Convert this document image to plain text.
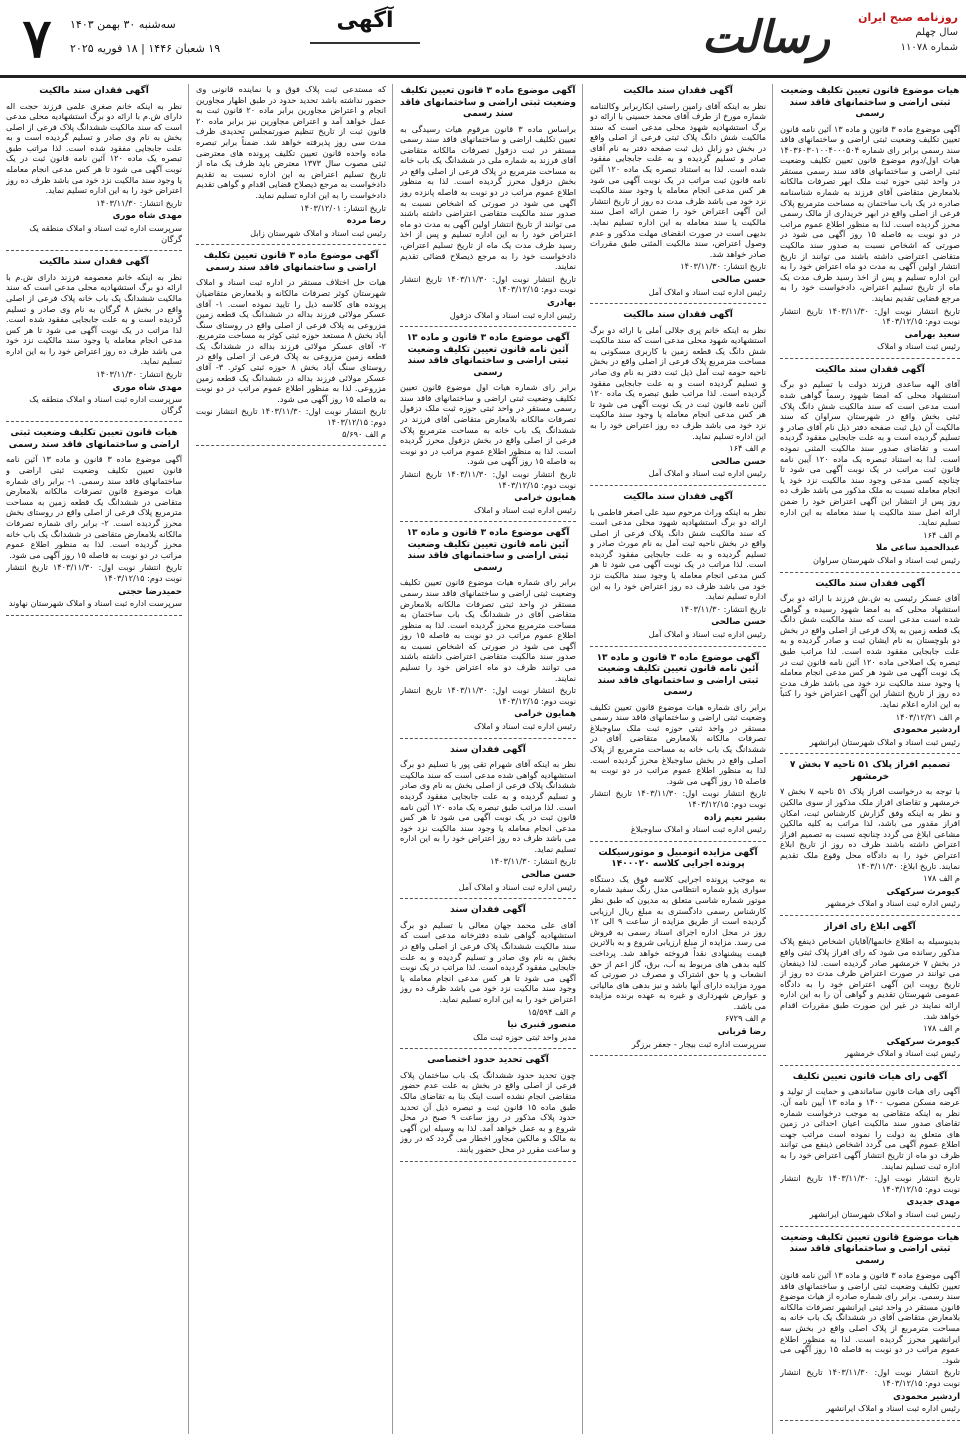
۷	سه‌شنبه ۳۰ بهمن ۱۴۰۳
۱۹ شعبان ۱۴۴۶ | ۱۸ فوریه ۲۰۲۵
آگهی	رسالت	روزنامه صبح ایران
سال چهلم
شماره ۱۱۰۷۸
هیات موضوع قانون تعیین تکلیف وضعیت ثبتی اراضی و ساختمانهای فاقد سند رسمی
آگهی موضوع ماده ۳ قانون و ماده ۱۳ آئین نامه قانون تعیین تکلیف وضعیت ثبتی اراضی و ساختمانهای فاقد سند رسمی برابر رای شماره ۱۴۰۳۶۰۳۰۱۰۰۴۰۰۰۵۰۴ هیات اول/دوم موضوع قانون تعیین تکلیف وضعیت ثبتی اراضی و ساختمانهای فاقد سند رسمی مستقر در واحد ثبتی حوزه ثبت ملک ابهر تصرفات مالکانه بلامعارض متقاضی آقای فرزند به شماره شناسنامه صادره در یک باب ساختمان به مساحت مترمربع پلاک فرعی از اصلی واقع در ابهر خریداری از مالک رسمی محرز گردیده است. لذا به منظور اطلاع عموم مراتب در دو نوبت به فاصله ۱۵ روز آگهی می شود در صورتی که اشخاص نسبت به صدور سند مالکیت متقاضی اعتراضی داشته باشند می توانند از تاریخ انتشار اولین آگهی به مدت دو ماه اعتراض خود را به این اداره تسلیم و پس از اخذ رسید ظرف مدت یک ماه از تاریخ تسلیم اعتراض، دادخواست خود را به مرجع قضایی تقدیم نمایند.
تاریخ انتشار نوبت اول: ۱۴۰۳/۱۱/۳۰ تاریخ انتشار نوبت دوم: ۱۴۰۳/۱۲/۱۵
سعید بهرامی
رئیس ثبت اسناد و املاک
آگهی فقدان سند مالکیت
آقای الهه ساعدی فرزند دولت با تسلیم دو برگ استشهاد محلی که امضا شهود رسماً گواهی شده است مدعی است که سند مالکیت شش دانگ پلاک ثبتی بخش واقع در شهرستان سراوان که سند مالکیت آن ذیل ثبت صفحه دفتر ذیل نام آقای صادر و تسلیم گردیده است و به علت جابجایی مفقود گردیده است و تقاضای صدور سند مالکیت المثنی نموده است. لذا به استناد تبصره یک ماده ۱۲۰ آیین نامه قانون ثبت مراتب در یک نوبت آگهی می شود تا چنانچه کسی مدعی وجود سند مالکیت نزد خود یا انجام معامله نسبت به ملک مذکور می باشد ظرف ده روز پس از انتشار این آگهی اعتراض خود را ضمن ارائه اصل سند مالکیت یا سند معامله به این اداره تسلیم نماید.
م الف ۱۶۴
عبدالحمید ساعی ملا
رئیس ثبت اسناد و املاک شهرستان سراوان
آگهی فقدان سند مالکیت
آقای عسکر رئیسی به ش.ش فرزند با ارائه دو برگ استشهاد محلی که به امضا شهود رسیده و گواهی شده است مدعی است که سند مالکیت شش دانگ یک قطعه زمین به پلاک فرعی از اصلی واقع در بخش دو بلوچستان به نام ایشان ثبت و صادر گردیده و به علت جابجایی مفقود شده است. لذا مراتب طبق تبصره یک اصلاحی ماده ۱۲۰ آئین نامه قانون ثبت در یک نوبت آگهی می شود هر کس مدعی انجام معامله یا وجود سند مالکیت نزد خود می باشد ظرف مدت ده روز از تاریخ انتشار این آگهی اعتراض خود را کتباً به این اداره اعلام نماید.
م الف ۱۴۰۳/۱۲/۲۱
اردشیر محمودی
رئیس ثبت اسناد و املاک شهرستان ایرانشهر
تصمیم افراز پلاک ۵۱ ناحیه ۷ بخش ۷ خرمشهر
با توجه به درخواست افراز پلاک ۵۱ ناحیه ۷ بخش ۷ خرمشهر و تقاضای افراز ملک مذکور از سوی مالکین و نظر به اینکه وفق گزارش کارشناس ثبت، امکان افراز مقدور می باشد، لذا مراتب به کلیه مالکین مشاعی ابلاغ می گردد چنانچه نسبت به تصمیم افراز اعتراض داشته باشند ظرف ده روز از تاریخ ابلاغ اعتراض خود را به دادگاه محل وقوع ملک تقدیم نمایند. تاریخ ابلاغ: ۱۴۰۳/۱۱/۳۰
م الف ۱۷۸
کیومرث سرکهکی
رئیس اداره ثبت اسناد و املاک خرمشهر
آگهی ابلاغ رای افراز
بدینوسیله به اطلاع خانمها/آقایان اشخاص ذینفع پلاک مذکور رسانده می شود که رای افراز پلاک ثبتی واقع در بخش ۷ خرمشهر صادر گردیده است. لذا ذینفعان می توانند در صورت اعتراض ظرف مدت ده روز از تاریخ رویت این آگهی اعتراض خود را به دادگاه عمومی شهرستان تقدیم و گواهی آن را به این اداره ارائه نمایند در غیر این صورت طبق مقررات اقدام خواهد شد.
م الف ۱۷۸
کیومرث سرکهکی
رئیس ثبت اسناد و املاک خرمشهر
آگهی رای هیات قانون تعیین تکلیف
آگهی رای هیات قانون ساماندهی و حمایت از تولید و عرضه مسکن مصوب ۱۴۰۰ و ماده ۱۳ آیین نامه آن. نظر به اینکه متقاضی به موجب درخواست شماره تقاضای صدور سند مالکیت اعیان احداثی در زمین های متعلق به دولت را نموده است مراتب جهت اطلاع عموم آگهی می گردد اشخاص ذینفع می توانند ظرف دو ماه از تاریخ انتشار آگهی اعتراض خود را به اداره ثبت تسلیم نمایند.
تاریخ انتشار نوبت اول: ۱۴۰۳/۱۱/۳۰ تاریخ انتشار نوبت دوم: ۱۴۰۳/۱۲/۱۵
مهدی جدیدی
رئیس ثبت اسناد و املاک شهرستان ایرانشهر
هیات موضوع قانون تعیین تکلیف وضعیت ثبتی اراضی و ساختمانهای فاقد سند رسمی
آگهی موضوع ماده ۳ قانون و ماده ۱۳ آئین نامه قانون تعیین تکلیف وضعیت ثبتی اراضی و ساختمانهای فاقد سند رسمی. برابر رای شماره صادره از هیات موضوع قانون مستقر در واحد ثبتی ایرانشهر تصرفات مالکانه بلامعارض متقاضی آقای در ششدانگ یک باب خانه به مساحت مترمربع از پلاک اصلی واقع در بخش سه ایرانشهر محرز گردیده است. لذا به منظور اطلاع عموم مراتب در دو نوبت به فاصله ۱۵ روز آگهی می شود.
تاریخ انتشار نوبت اول: ۱۴۰۳/۱۱/۳۰ تاریخ انتشار نوبت دوم: ۱۴۰۳/۱۲/۱۵
اردشیر محمودی
رئیس اداره ثبت اسناد و املاک ایرانشهر
آگهی فقدان سند مالکیت
نظر به اینکه آقای رامین راستی ابکاربرابر وکالتنامه شماره مورخ از طرف آقای محمد حسینی با ارائه دو برگ استشهادیه شهود محلی مدعی است که سند مالکیت شش دانگ پلاک ثبتی فرعی از اصلی واقع در بخش دو زابل ذیل ثبت صفحه دفتر به نام آقای صادر و تسلیم گردیده و به علت جابجایی مفقود شده است. لذا به استناد تبصره یک ماده ۱۲۰ آئین نامه قانون ثبت مراتب در یک نوبت آگهی می شود هر کس مدعی انجام معامله یا وجود سند مالکیت نزد خود می باشد ظرف مدت ده روز از تاریخ انتشار این آگهی اعتراض خود را ضمن ارائه اصل سند مالکیت یا سند معامله به این اداره تسلیم نماید. بدیهی است در صورت انقضای مهلت مذکور و عدم وصول اعتراض، سند مالکیت المثنی طبق مقررات صادر خواهد شد.
تاریخ انتشار: ۱۴۰۳/۱۱/۳۰
حسن صالحی
رئیس اداره ثبت اسناد و املاک آمل
آگهی فقدان سند مالکیت
نظر به اینکه خانم پری جلالی آملی با ارائه دو برگ استشهادیه شهود محلی مدعی است که سند مالکیت شش دانگ یک قطعه زمین با کاربری مسکونی به مساحت مترمربع پلاک فرعی از اصلی واقع در بخش ناحیه حومه ثبت آمل ذیل ثبت دفتر به نام وی صادر و تسلیم گردیده است و به علت جابجایی مفقود گردیده است. لذا مراتب طبق تبصره یک ماده ۱۲۰ آئین نامه قانون ثبت در یک نوبت آگهی می شود تا هر کس مدعی انجام معامله یا وجود سند مالکیت نزد خود می باشد ظرف ده روز اعتراض خود را به این اداره تسلیم نماید.
م الف ۱۶۴
حسن صالحی
رئیس اداره ثبت اسناد و املاک آمل
آگهی فقدان سند مالکیت
نظر به اینکه وراث مرحوم سید علی اصغر فاطمی با ارائه دو برگ استشهادیه شهود محلی مدعی است که سند مالکیت شش دانگ پلاک فرعی از اصلی واقع در بخش ناحیه ثبت آمل به نام مورث صادر و تسلیم گردیده و به علت جابجایی مفقود گردیده است. لذا مراتب در یک نوبت آگهی می شود تا هر کس مدعی انجام معامله یا وجود سند مالکیت نزد خود می باشد ظرف ده روز اعتراض خود را به این اداره تسلیم نماید.
تاریخ انتشار: ۱۴۰۳/۱۱/۳۰
حسن صالحی
رئیس اداره ثبت اسناد و املاک آمل
آگهی موضوع ماده ۳ قانون و ماده ۱۳ آئین نامه قانون تعیین تکلیف وضعیت ثبتی اراضی و ساختمانهای فاقد سند رسمی
برابر رای شماره هیات موضوع قانون تعیین تکلیف وضعیت ثبتی اراضی و ساختمانهای فاقد سند رسمی مستقر در واحد ثبتی حوزه ثبت ملک ساوجبلاغ تصرفات مالکانه بلامعارض متقاضی آقای در ششدانگ یک باب خانه به مساحت مترمربع از پلاک اصلی واقع در بخش ساوجبلاغ محرز گردیده است. لذا به منظور اطلاع عموم مراتب در دو نوبت به فاصله ۱۵ روز آگهی می شود.
تاریخ انتشار نوبت اول: ۱۴۰۳/۱۱/۳۰ تاریخ انتشار نوبت دوم: ۱۴۰۳/۱۲/۱۵
بشیر نعیم زاده
رئیس اداره ثبت اسناد و املاک ساوجبلاغ
آگهی مزایده اتومبیل و موتورسیکلت پرونده اجرایی کلاسه ۱۴۰۰۰۲۰
به موجب پرونده اجرایی کلاسه فوق یک دستگاه سواری پژو شماره انتظامی مدل رنگ سفید شماره موتور شماره شاسی متعلق به مدیون که طبق نظر کارشناس رسمی دادگستری به مبلغ ریال ارزیابی گردیده است از طریق مزایده از ساعت ۹ الی ۱۲ روز در محل اداره اجرای اسناد رسمی به فروش می رسد. مزایده از مبلغ ارزیابی شروع و به بالاترین قیمت پیشنهادی نقداً فروخته خواهد شد. پرداخت کلیه بدهی های مربوط به آب، برق، گاز اعم از حق انشعاب و یا حق اشتراک و مصرف در صورتی که مورد مزایده دارای آنها باشد و نیز بدهی های مالیاتی و عوارض شهرداری و غیره به عهده برنده مزایده می باشد.
م الف ۶۷۲۹
رضا قربانی
سرپرست اداره ثبت بیجار - جعفر برزگر
آگهی موضوع ماده ۳ قانون تعیین تکلیف وضعیت ثبتی اراضی و ساختمانهای فاقد سند رسمی
براساس ماده ۳ قانون مرقوم هیات رسیدگی به تعیین تکلیف اراضی و ساختمانهای فاقد سند رسمی مستقر در ثبت دزفول تصرفات مالکانه متقاضی آقای فرزند به شماره ملی در ششدانگ یک باب خانه به مساحت مترمربع در پلاک فرعی از اصلی واقع در بخش دزفول محرز گردیده است. لذا به منظور اطلاع عموم مراتب در دو نوبت به فاصله پانزده روز آگهی می شود در صورتی که اشخاص نسبت به صدور سند مالکیت متقاضی اعتراضی داشته باشند می توانند از تاریخ انتشار اولین آگهی به مدت دو ماه اعتراض خود را به این اداره تسلیم و پس از اخذ رسید ظرف مدت یک ماه از تاریخ تسلیم اعتراض، دادخواست خود را به مرجع ذیصلاح قضائی تقدیم نمایند.
تاریخ انتشار نوبت اول: ۱۴۰۳/۱۱/۳۰ تاریخ انتشار نوبت دوم: ۱۴۰۳/۱۲/۱۵
بهادری
رئیس اداره ثبت اسناد و املاک دزفول
آگهی موضوع ماده ۳ قانون و ماده ۱۳ آئین نامه قانون تعیین تکلیف وضعیت ثبتی اراضی و ساختمانهای فاقد سند رسمی
برابر رای شماره هیات اول موضوع قانون تعیین تکلیف وضعیت ثبتی اراضی و ساختمانهای فاقد سند رسمی مستقر در واحد ثبتی حوزه ثبت ملک دزفول تصرفات مالکانه بلامعارض متقاضی آقای فرزند در ششدانگ یک باب خانه به مساحت مترمربع پلاک فرعی از اصلی واقع در بخش دزفول محرز گردیده است. لذا به منظور اطلاع عموم مراتب در دو نوبت به فاصله ۱۵ روز آگهی می شود.
تاریخ انتشار نوبت اول: ۱۴۰۳/۱۱/۳۰ تاریخ انتشار نوبت دوم: ۱۴۰۳/۱۲/۱۵
همایون خرامی
رئیس اداره ثبت اسناد و املاک
آگهی موضوع ماده ۳ قانون و ماده ۱۳ آئین نامه قانون تعیین تکلیف وضعیت ثبتی اراضی و ساختمانهای فاقد سند رسمی
برابر رای شماره هیات موضوع قانون تعیین تکلیف وضعیت ثبتی اراضی و ساختمانهای فاقد سند رسمی مستقر در واحد ثبتی تصرفات مالکانه بلامعارض متقاضی آقای در ششدانگ یک باب ساختمان به مساحت مترمربع محرز گردیده است. لذا به منظور اطلاع عموم مراتب در دو نوبت به فاصله ۱۵ روز آگهی می شود در صورتی که اشخاص نسبت به صدور سند مالکیت متقاضی اعتراضی داشته باشند می توانند ظرف دو ماه اعتراض خود را تسلیم نمایند.
تاریخ انتشار نوبت اول: ۱۴۰۳/۱۱/۳۰ تاریخ انتشار نوبت دوم: ۱۴۰۳/۱۲/۱۵
همایون خرامی
رئیس اداره ثبت اسناد و املاک
آگهی فقدان سند
نظر به اینکه آقای شهرام تقی پور با تسلیم دو برگ استشهادیه گواهی شده مدعی است که سند مالکیت ششدانگ پلاک فرعی از اصلی بخش به نام وی صادر و تسلیم گردیده و به علت جابجایی مفقود گردیده است. لذا مراتب طبق تبصره یک ماده ۱۲۰ آئین نامه قانون ثبت در یک نوبت آگهی می شود تا هر کس مدعی انجام معامله یا وجود سند مالکیت نزد خود می باشد ظرف ده روز اعتراض خود را به این اداره تسلیم نماید.
تاریخ انتشار: ۱۴۰۳/۱۱/۳۰
حسن صالحی
رئیس اداره ثبت اسناد و املاک آمل
آگهی فقدان سند
آقای علی محمد جهان معالی با تسلیم دو برگ استشهادیه گواهی شده دفترخانه مدعی است که سند مالکیت ششدانگ پلاک فرعی از اصلی واقع در بخش به نام وی صادر و تسلیم گردیده و به علت جابجایی مفقود گردیده است. لذا مراتب در یک نوبت آگهی می شود تا هر کس مدعی انجام معامله یا وجود سند مالکیت نزد خود می باشد ظرف ده روز اعتراض خود را به این اداره تسلیم نماید.
م الف ۱۵/۵۹۴
منصور قنبری نیا
مدیر واحد ثبتی حوزه ثبت ملک
آگهی تحدید حدود اختصاصی
چون تحدید حدود ششدانگ یک باب ساختمان پلاک فرعی از اصلی واقع در بخش به علت عدم حضور متقاضی انجام نشده است اینک بنا به تقاضای مالک طبق ماده ۱۵ قانون ثبت و تبصره ذیل آن تحدید حدود پلاک مذکور در روز ساعت ۹ صبح در محل شروع و به عمل خواهد آمد. لذا به وسیله این آگهی به مالک و مالکین مجاور اخطار می گردد که در روز و ساعت مقرر در محل حضور یابند.
که مستدعی ثبت پلاک فوق و یا نماینده قانونی وی حضور نداشته باشد تحدید حدود در طبق اظهار مجاورین انجام و اعتراض مجاورین برابر ماده ۲۰ قانون ثبت به عمل خواهد آمد و اعتراض مجاورین نیز برابر ماده ۲۰ قانون ثبت از تاریخ تنظیم صورتمجلس تحدیدی ظرف مدت سی روز پذیرفته خواهد شد. ضمناً برابر تبصره ماده واحده قانون تعیین تکلیف پرونده های معترضی ثبتی مصوب سال ۱۳۷۳ معترض باید ظرف یک ماه از تاریخ تسلیم اعتراض به این اداره نسبت به تقدیم دادخواست به مرجع ذیصلاح قضایی اقدام و گواهی تقدیم دادخواست را به این اداره تسلیم نماید.
تاریخ انتشار: ۱۴۰۳/۱۲/۰۱
رضا مرده
رئیس ثبت اسناد و املاک شهرستان زابل
آگهی موضوع ماده ۳ قانون تعیین تکلیف اراضی و ساختمانهای فاقد سند رسمی
هیات حل اختلاف مستقر در اداره ثبت اسناد و املاک شهرستان کوثر تصرفات مالکانه و بلامعارض متقاضیان پرونده های کلاسه ذیل را تایید نموده است. ۱- آقای عسکر مولائی فرزند بداله در ششدانگ یک قطعه زمین مزروعی به پلاک فرعی از اصلی واقع در روستای سنگ آباد بخش ۸ مستعد حوزه ثبتی کوثر به مساحت مترمربع. ۲- آقای عسکر مولائی فرزند بداله در ششدانگ یک قطعه زمین مزروعی به پلاک فرعی از اصلی واقع در روستای سنگ آباد بخش ۸ حوزه ثبتی کوثر. ۳- آقای عسکر مولائی فرزند بداله در ششدانگ یک قطعه زمین مزروعی. لذا به منظور اطلاع عموم مراتب در دو نوبت به فاصله ۱۵ روز آگهی می شود.
تاریخ انتشار نوبت اول: ۱۴۰۳/۱۱/۳۰ تاریخ انتشار نوبت دوم: ۱۴۰۳/۱۲/۱۵
م الف ۵/۶۹۰
آگهی فقدان سند مالکیت
نظر به اینکه خانم صغری علمی فرزند حجت اله دارای ش.م با ارائه دو برگ استشهادیه محلی مدعی است که سند مالکیت ششدانگ پلاک فرعی از اصلی بخش به نام وی صادر و تسلیم گردیده است و به علت جابجایی مفقود شده است. لذا مراتب طبق تبصره یک ماده ۱۲۰ آئین نامه قانون ثبت در یک نوبت آگهی می شود تا هر کس مدعی انجام معامله یا وجود سند مالکیت نزد خود می باشد ظرف ده روز اعتراض خود را به این اداره تسلیم نماید.
تاریخ انتشار: ۱۴۰۳/۱۱/۳۰
مهدی شاه موری
سرپرست اداره ثبت اسناد و املاک منطقه یک گرگان
آگهی فقدان سند مالکیت
نظر به اینکه خانم معصومه فرزند دارای ش.م با ارائه دو برگ استشهادیه محلی مدعی است که سند مالکیت ششدانگ یک باب خانه پلاک فرعی از اصلی واقع در بخش ۸ گرگان به نام وی صادر و تسلیم گردیده است و به علت جابجایی مفقود شده است. لذا مراتب در یک نوبت آگهی می شود تا هر کس مدعی انجام معامله یا وجود سند مالکیت نزد خود می باشد ظرف ده روز اعتراض خود را به این اداره تسلیم نماید.
تاریخ انتشار: ۱۴۰۳/۱۱/۳۰
مهدی شاه موری
سرپرست اداره ثبت اسناد و املاک منطقه یک گرگان
هیات قانون تعیین تکلیف وضعیت ثبتی اراضی و ساختمانهای فاقد سند رسمی
آگهی موضوع ماده ۳ قانون و ماده ۱۳ آئین نامه قانون تعیین تکلیف وضعیت ثبتی اراضی و ساختمانهای فاقد سند رسمی. ۱- برابر رای شماره هیات موضوع قانون تصرفات مالکانه بلامعارض متقاضی در ششدانگ یک قطعه زمین به مساحت مترمربع پلاک فرعی از اصلی واقع در روستای بخش محرز گردیده است. ۲- برابر رای شماره تصرفات مالکانه بلامعارض متقاضی در ششدانگ یک باب خانه محرز گردیده است. لذا به منظور اطلاع عموم مراتب در دو نوبت به فاصله ۱۵ روز آگهی می شود.
تاریخ انتشار نوبت اول: ۱۴۰۳/۱۱/۳۰ تاریخ انتشار نوبت دوم: ۱۴۰۳/۱۲/۱۵
حمیدرضا حجتی
سرپرست اداره ثبت اسناد و املاک شهرستان نهاوند
